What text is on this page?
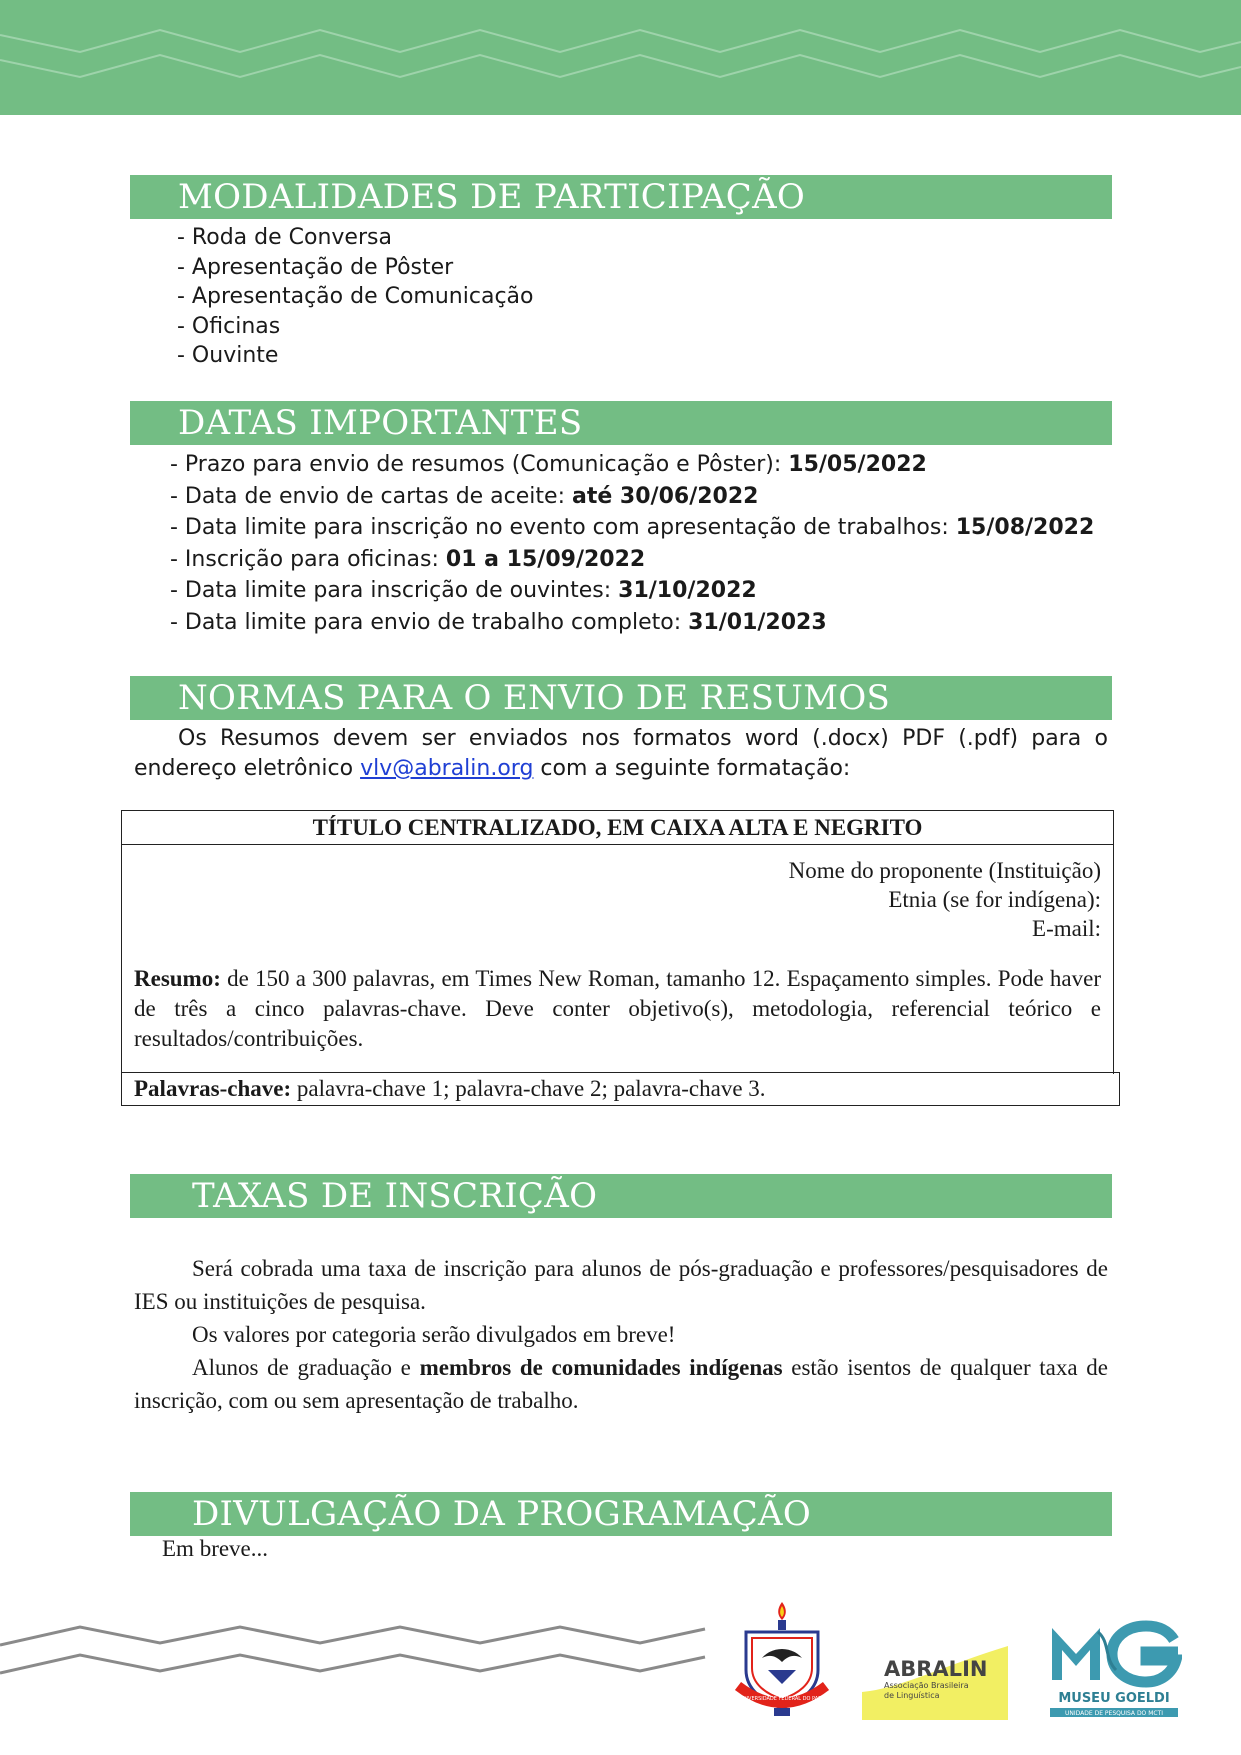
MODALIDADES DE PARTICIPAÇÃO
- Roda de Conversa
- Apresentação de Pôster
- Apresentação de Comunicação
- Oficinas
- Ouvinte
DATAS IMPORTANTES
- Prazo para envio de resumos (Comunicação e Pôster): 15/05/2022
- Data de envio de cartas de aceite: até 30/06/2022
- Data limite para inscrição no evento com apresentação de trabalhos: 15/08/2022
- Inscrição para oficinas: 01 a 15/09/2022
- Data limite para inscrição de ouvintes: 31/10/2022
- Data limite para envio de trabalho completo: 31/01/2023
NORMAS PARA O ENVIO DE RESUMOS
Os Resumos devem ser enviados nos formatos word (.docx) PDF (.pdf) para o endereço eletrônico vlv@abralin.org com a seguinte formatação:
TÍTULO CENTRALIZADO, EM CAIXA ALTA E NEGRITO
Nome do proponente (Instituição)
Etnia (se for indígena):
E-mail:
Resumo: de 150 a 300 palavras, em Times New Roman, tamanho 12. Espaçamento simples. Pode haver de três a cinco palavras-chave. Deve conter objetivo(s), metodologia, referencial teórico e resultados/contribuições.
Palavras-chave: palavra-chave 1; palavra-chave 2; palavra-chave 3.
TAXAS DE INSCRIÇÃO

Será cobrada uma taxa de inscrição para alunos de pós-graduação e professores/pesquisadores de IES ou instituições de pesquisa.

Os valores por categoria serão divulgados em breve!

Alunos de graduação e membros de comunidades indígenas estão isentos de qualquer taxa de inscrição, com ou sem apresentação de trabalho.

DIVULGAÇÃO DA PROGRAMAÇÃO
Em breve...
UNIVERSIDADE FEDERAL DO PARÁ
ABRALIN
Associação Brasileira
de Linguística	MUSEU GOELDI
UNIDADE DE PESQUISA DO MCTI
